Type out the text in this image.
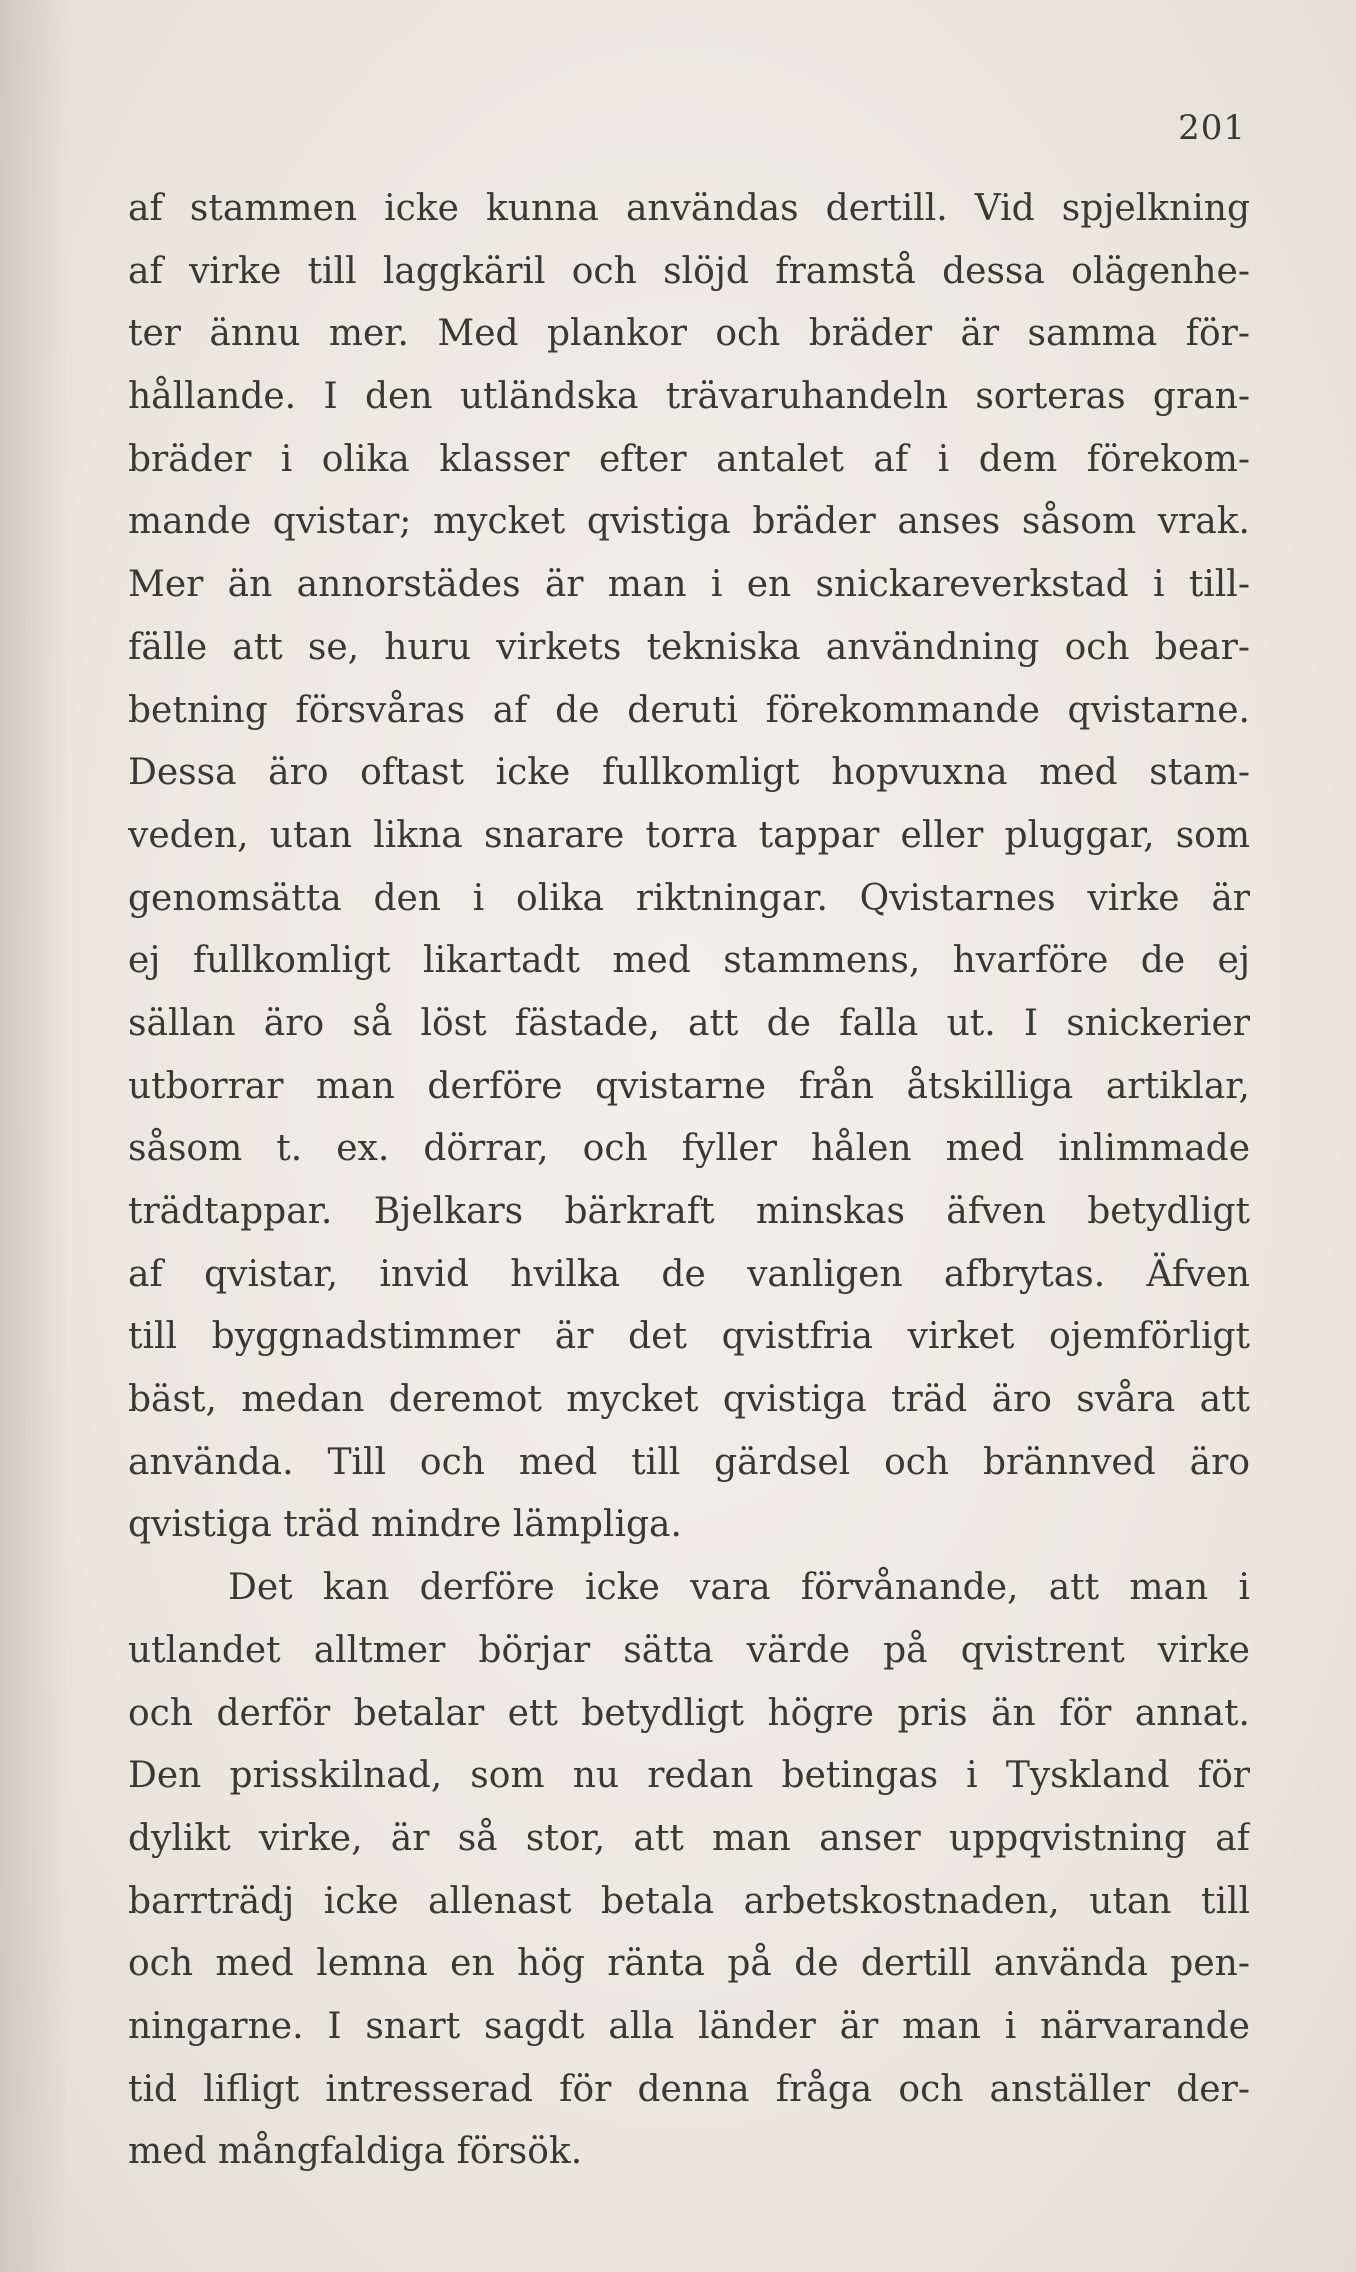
201
af stammen icke kunna användas dertill. Vid spjelkning
af virke till laggkäril och slöjd framstå dessa olägenhe-
ter ännu mer. Med plankor och bräder är samma för-
hållande. I den utländska trävaruhandeln sorteras gran-
bräder i olika klasser efter antalet af i dem förekom-
mande qvistar; mycket qvistiga bräder anses såsom vrak.
Mer än annorstädes är man i en snickareverkstad i till-
fälle att se, huru virkets tekniska användning och bear-
betning försvåras af de deruti förekommande qvistarne.
Dessa äro oftast icke fullkomligt hopvuxna med stam-
veden, utan likna snarare torra tappar eller pluggar, som
genomsätta den i olika riktningar. Qvistarnes virke är
ej fullkomligt likartadt med stammens, hvarföre de ej
sällan äro så löst fästade, att de falla ut. I snickerier
utborrar man derföre qvistarne från åtskilliga artiklar,
såsom t. ex. dörrar, och fyller hålen med inlimmade
trädtappar. Bjelkars bärkraft minskas äfven betydligt
af qvistar, invid hvilka de vanligen afbrytas. Äfven
till byggnadstimmer är det qvistfria virket ojemförligt
bäst, medan deremot mycket qvistiga träd äro svåra att
använda. Till och med till gärdsel och brännved äro
qvistiga träd mindre lämpliga.
Det kan derföre icke vara förvånande, att man i
utlandet alltmer börjar sätta värde på qvistrent virke
och derför betalar ett betydligt högre pris än för annat.
Den prisskilnad, som nu redan betingas i Tyskland för
dylikt virke, är så stor, att man anser uppqvistning af
barrträdj icke allenast betala arbetskostnaden, utan till
och med lemna en hög ränta på de dertill använda pen-
ningarne. I snart sagdt alla länder är man i närvarande
tid lifligt intresserad för denna fråga och anställer der-
med mångfaldiga försök.
